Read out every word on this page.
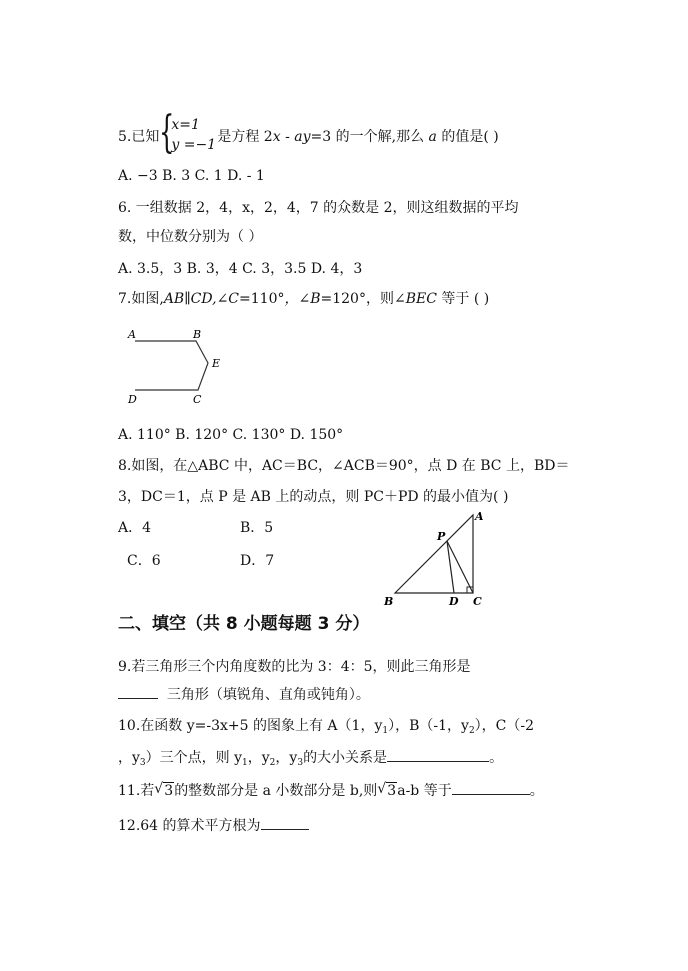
5.已知 {
x=1
y =−1 是方程 2x - ay=3 的一个解,那么 a 的值是( )
A. −3 B. 3 C. 1 D. - 1
6. 一组数据 2，4，x，2，4，7 的众数是 2，则这组数据的平均
数，中位数分别为（ ）
A. 3.5，3 B. 3，4 C. 3，3.5 D. 4，3
7.如图,AB∥CD,∠C=110°，∠B=120°，则∠BEC 等于 ( )
A	B
E
D	C
A. 110° B. 120° C. 130° D. 150°
8.如图，在△ABC 中，AC＝BC，∠ACB＝90°，点 D 在 BC 上，BD＝
3，DC＝1，点 P 是 AB 上的动点，则 PC＋PD 的最小值为( )
A．4	B．5
C．6	D．7
A
P
B	D C
二、填空（共 8 小题每题 3 分）
9.若三角形三个内角度数的比为 3：4：5，则此三角形是
三角形（填锐角、直角或钝角）。
10.在函数 y=-3x+5 的图象上有 A（1，$y_1$），B（-1，$y_2$），C（-2
，$y_3$）三个点，则 $y_1$，$y_2$，$y_3$的大小关系是	。
11.若 √ 3的整数部分是 a 小数部分是 b,则 √ 3a-b 等于	。
12.64 的算术平方根为
